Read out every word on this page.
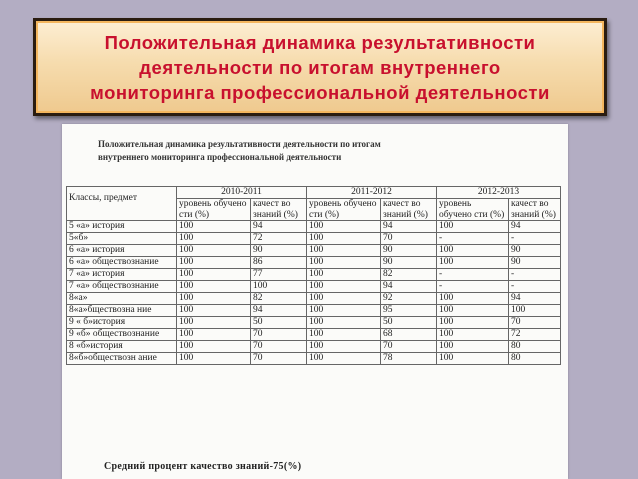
Положительная динамика результативности
деятельности по итогам внутреннего
мониторинга профессиональной деятельности
Положительная динамика результативности деятельности по итогам
внутреннего мониторинга профессиональной деятельности
Классы, предмет	2010-2011		2011-2012		2012-2013	
	уровень обучено сти (%)	качест во знаний (%)	уровень обучено сти (%)	качест во знаний (%)	уровень обучено сти (%)	качест во знаний (%)
5 «а» история	100	94	100	94	100	94
5«б»	100	72	100	70	-	-
6 «а» история	100	90	100	90	100	90
6 «а» обществознание	100	86	100	90	100	90
7 «а» история	100	77	100	82	-	-
7 «а» обществознание	100	100	100	94	-	-
8«а»	100	82	100	92	100	94
8«а»бществозна ние	100	94	100	95	100	100
9 « б»история	100	50	100	50	100	70
9 «б» обществознание	100	70	100	68	100	72
8 «б»история	100	70	100	70	100	80
8«б»обществозн ание	100	70	100	78	100	80
Средний процент качество знаний-75(%)
